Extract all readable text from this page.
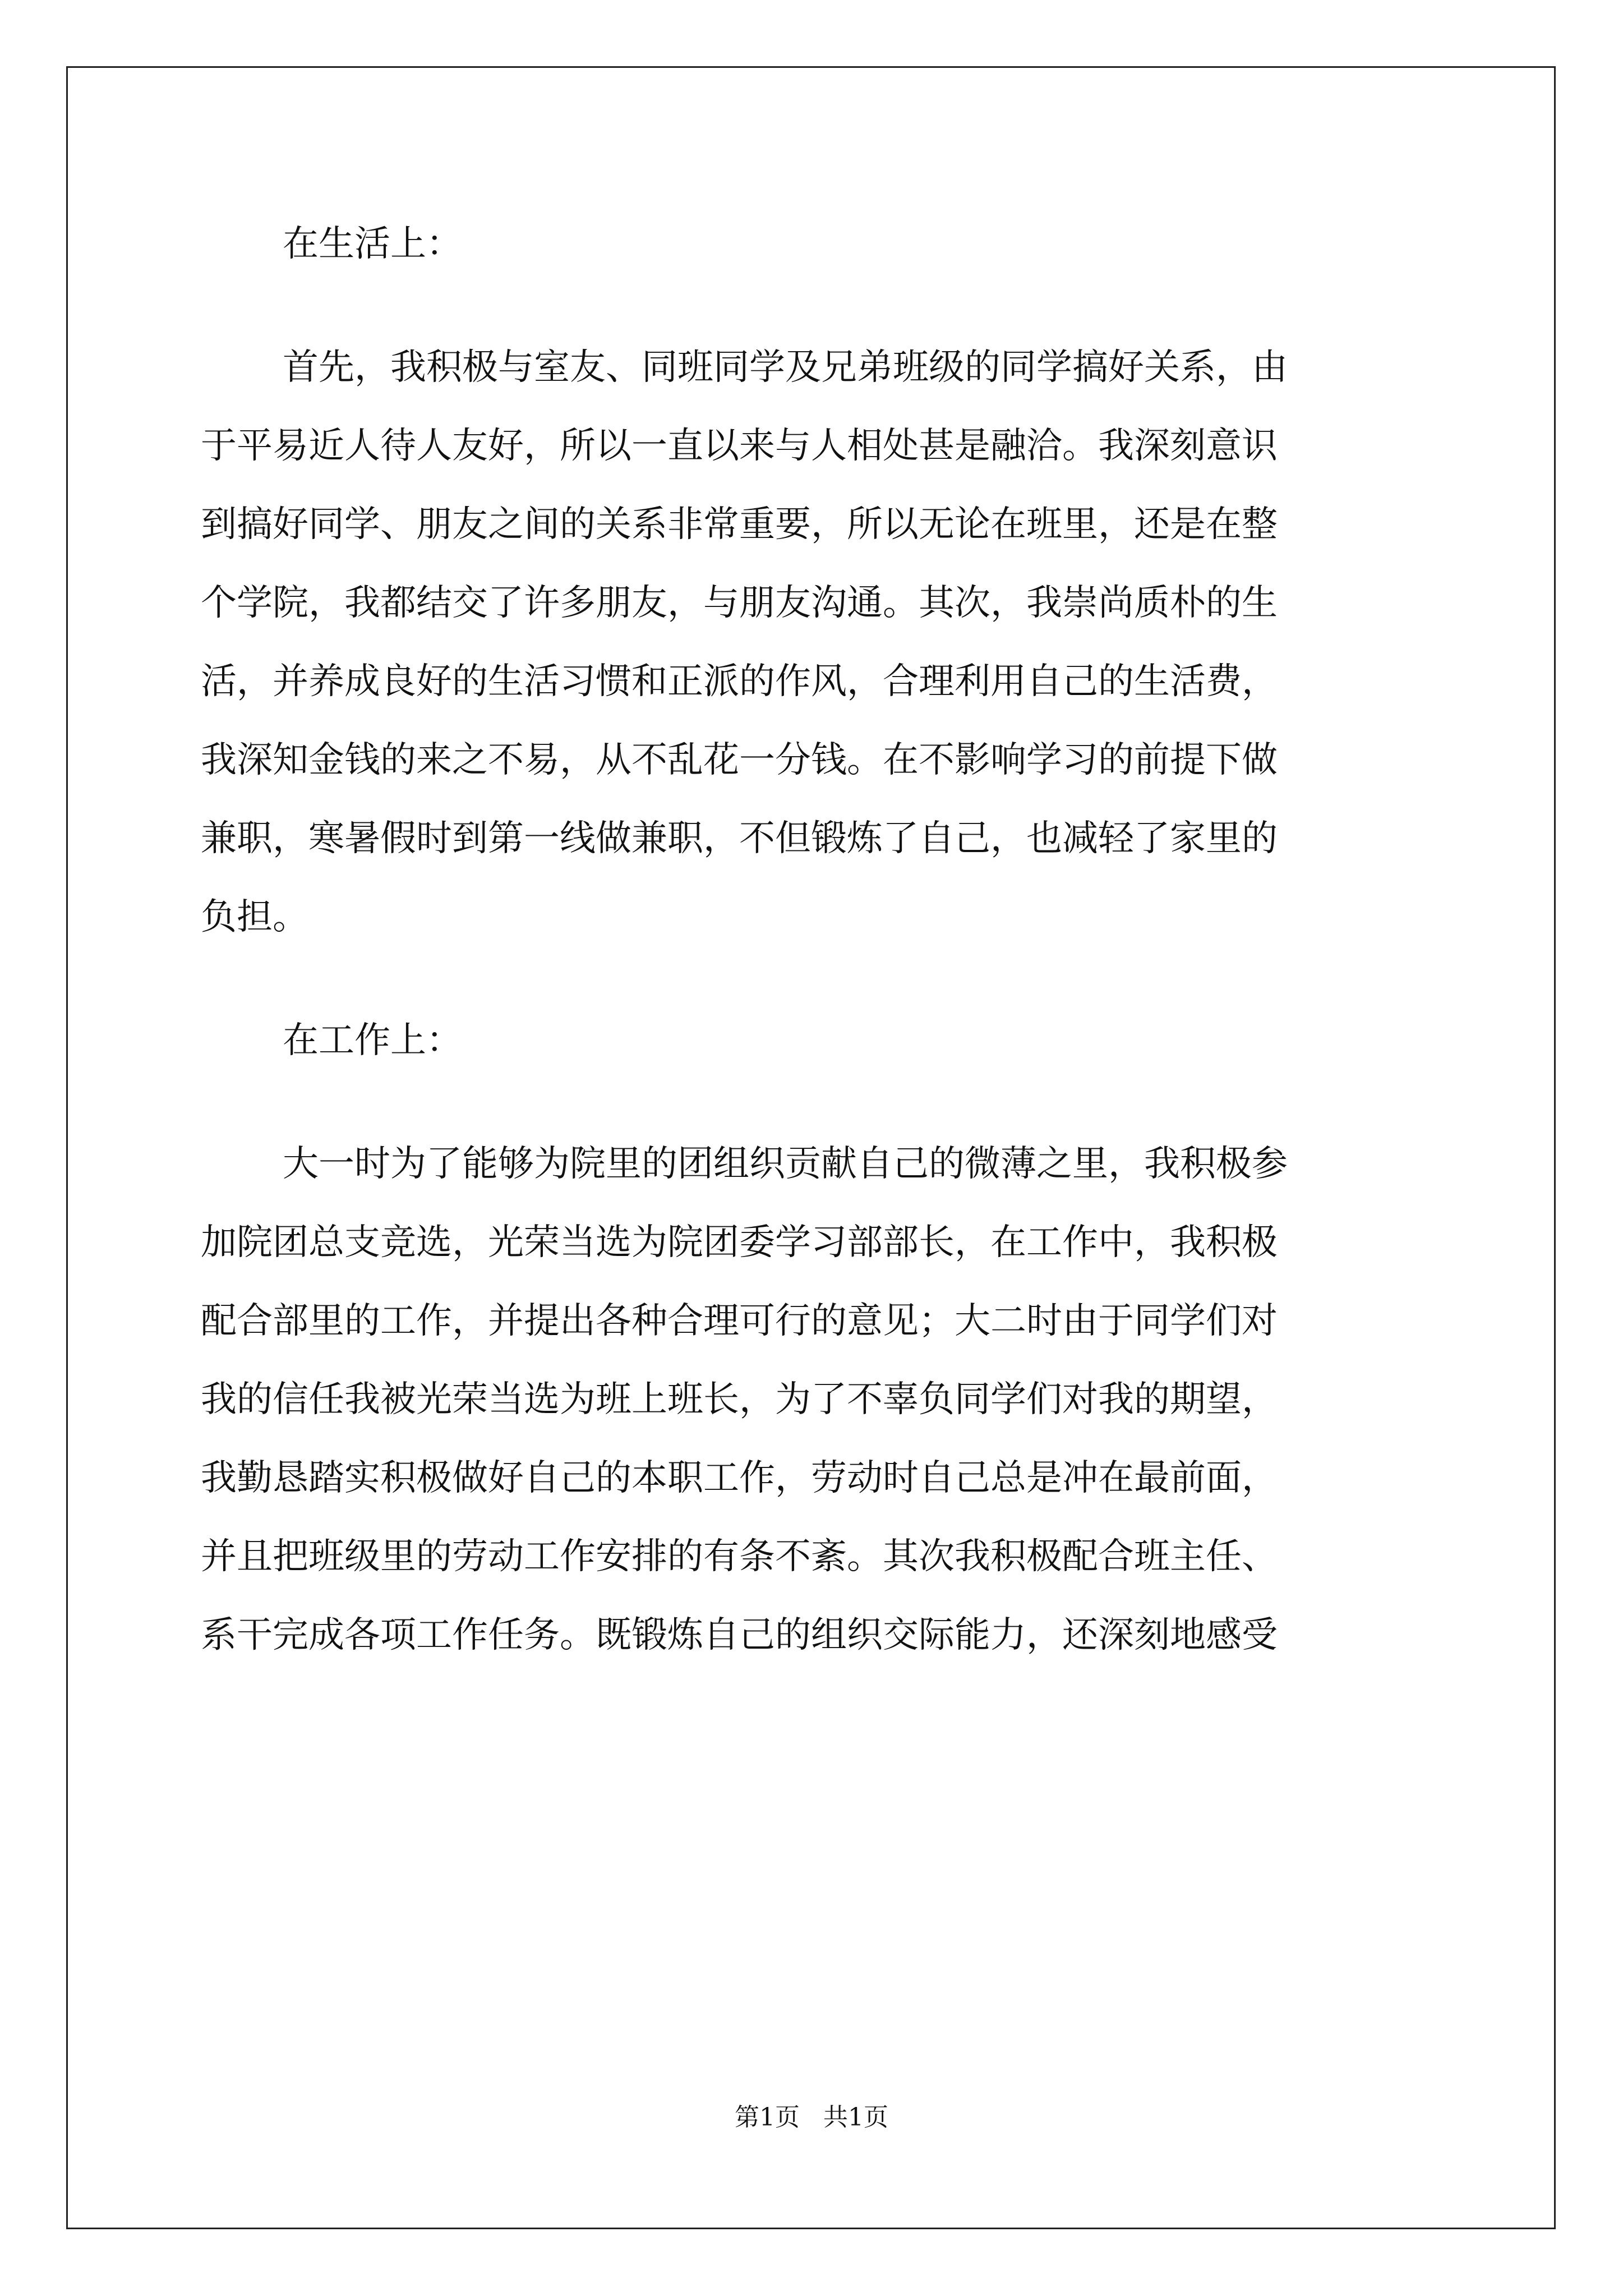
在生活上：
首先，我积极与室友、同班同学及兄弟班级的同学搞好关系，由
于平易近人待人友好，所以一直以来与人相处甚是融洽。我深刻意识
到搞好同学、朋友之间的关系非常重要，所以无论在班里，还是在整
个学院，我都结交了许多朋友，与朋友沟通。其次，我崇尚质朴的生
活，并养成良好的生活习惯和正派的作风，合理利用自己的生活费，
我深知金钱的来之不易，从不乱花一分钱。在不影响学习的前提下做
兼职，寒暑假时到第一线做兼职，不但锻炼了自己，也减轻了家里的
负担。
在工作上：
大一时为了能够为院里的团组织贡献自己的微薄之里，我积极参
加院团总支竞选，光荣当选为院团委学习部部长，在工作中，我积极
配合部里的工作，并提出各种合理可行的意见；大二时由于同学们对
我的信任我被光荣当选为班上班长，为了不辜负同学们对我的期望，
我勤恳踏实积极做好自己的本职工作，劳动时自己总是冲在最前面，
并且把班级里的劳动工作安排的有条不紊。其次我积极配合班主任、
系干完成各项工作任务。既锻炼自己的组织交际能力，还深刻地感受
第1页   共1页
